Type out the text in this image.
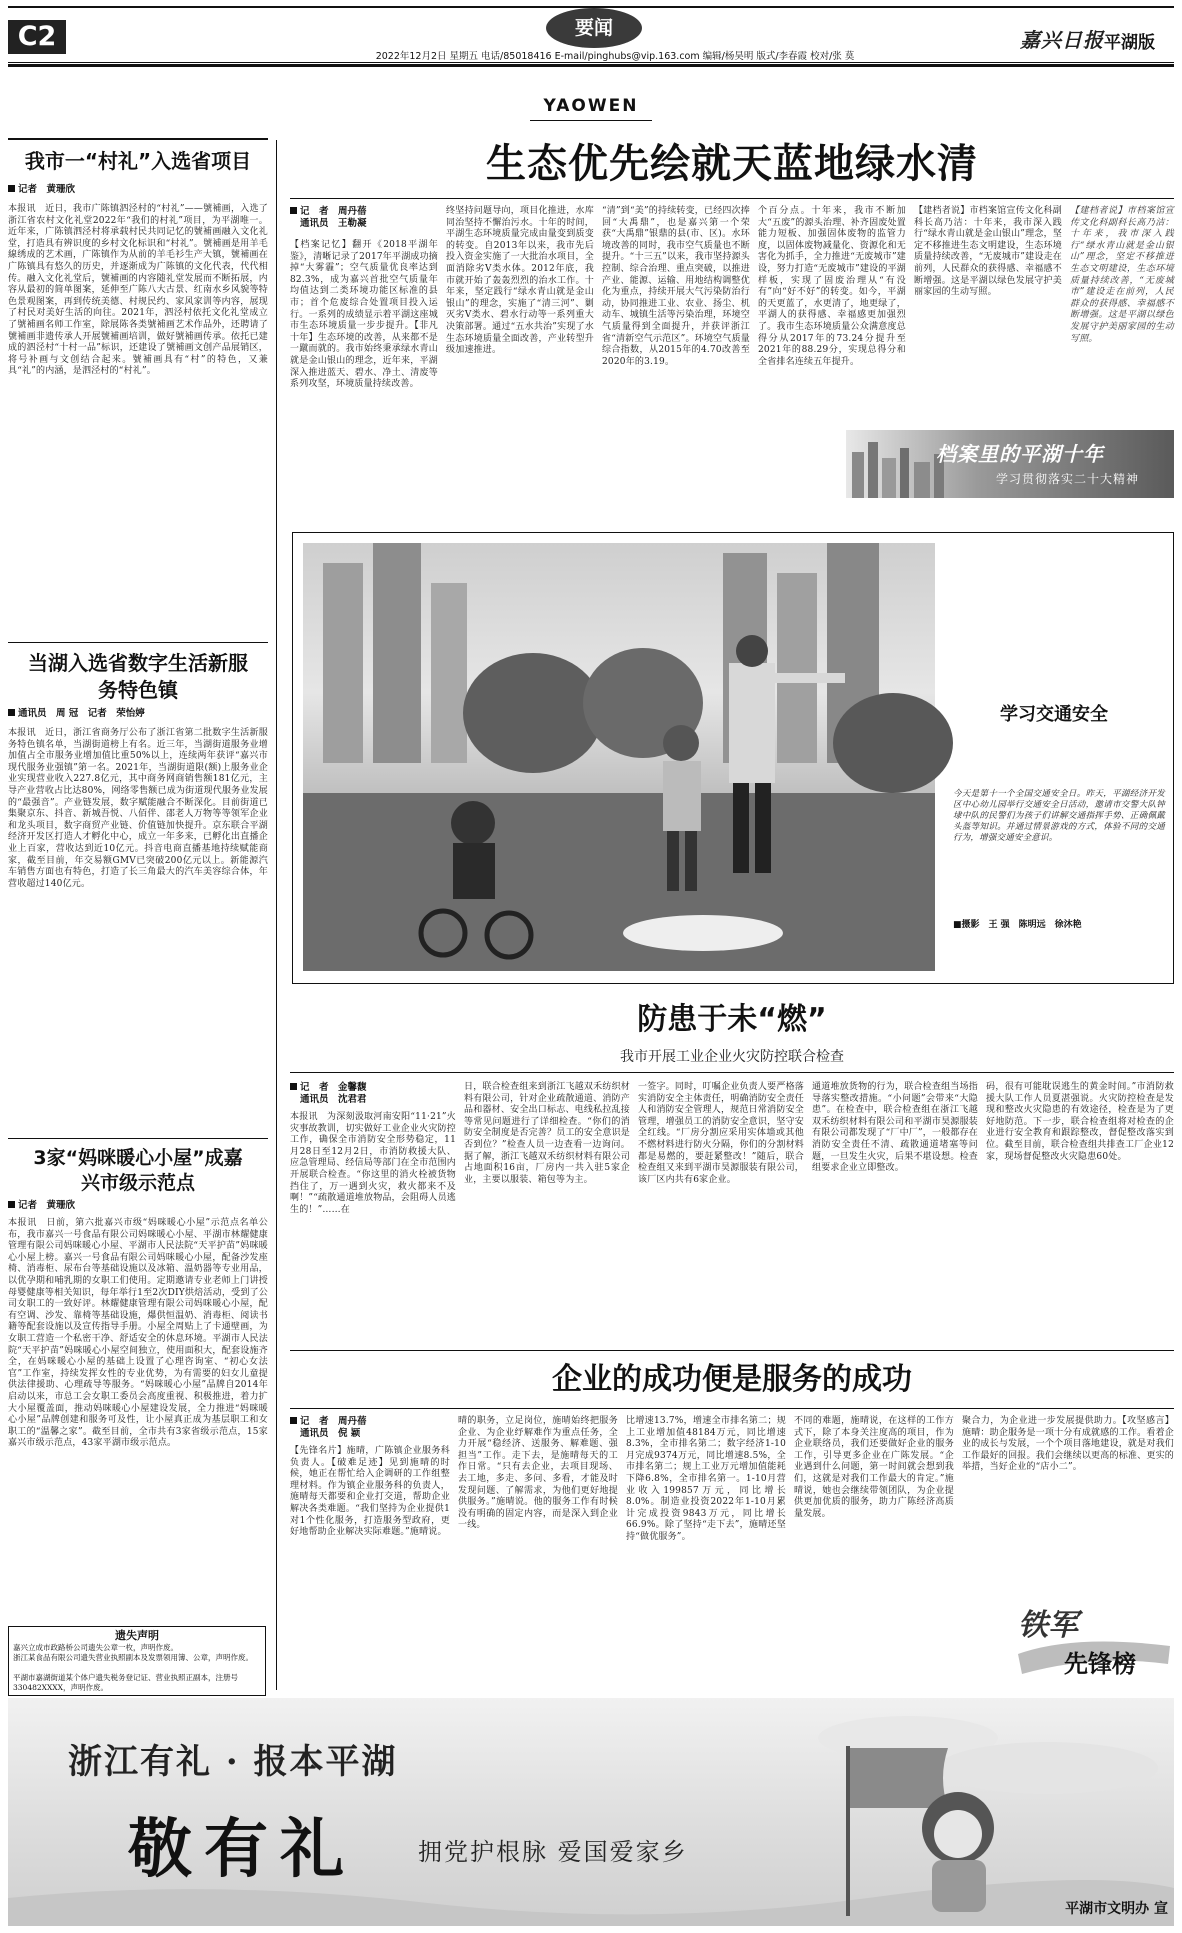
C2	要闻
2022年12月2日 星期五 电话/85018416 E-mail/pinghubs@vip.163.com 编辑/杨昊明 版式/李春霞 校对/张 莫
嘉兴日报 平湖版
YAOWEN
我市一“村礼”入选省项目
记者　黄珊欣
本报讯　近日，我市广陈镇泗泾村的“村礼”——號補画，入选了浙江省农村文化礼堂2022年“我们的村礼”项目，为平湖唯一。近年来，广陈镇泗泾村将承载村民共同记忆的號補画融入文化礼堂，打造具有辨识度的乡村文化标识和“村礼”。號補画是用羊毛線绣成的艺术画，广陈镇作为从前的羊毛衫生产大镇，號補画在广陈镇具有悠久的历史，并逐渐成为广陈镇的文化代表，代代相传。融入文化礼堂后，號補画的内容随礼堂发展而不断拓展，内容从最初的简单图案，延伸至广陈八大古景、红南水乡风貌等特色景观图案，再到传统美德、村规民约、家风家训等内容，展现了村民对美好生活的向往。2021年，泗泾村依托文化礼堂成立了號補画名师工作室，除展陈各类號補画艺术作品外，还聘请了號補画非遗传承人开展號補画培训，做好號補画传承。依托已建成的泗泾村“十村一品”标识，还建设了號補画文创产品展销区，将号补画与文创结合起来。號補画具有“村”的特色，又兼具“礼”的内涵，是泗泾村的“村礼”。
当湖入选省数字生活新服务特色镇
通讯员　周 冠　记者　荣怡婷
本报讯　近日，浙江省商务厅公布了浙江省第二批数字生活新服务特色镇名单，当湖街道榜上有名。近三年，当湖街道服务业增加值占全市服务业增加值比重50%以上，连续两年获评“嘉兴市现代服务业强镇”第一名。2021年，当湖街道限(额)上服务业企业实现营业收入227.8亿元，其中商务网商销售额181亿元，主导产业营收占比达80%，网络零售额已成为街道现代服务业发展的“最强音”。产业链发展，数字赋能融合不断深化。目前街道已集聚京东、抖音、新城吾悦、八佰伴、邵老人万物等等领军企业和龙头项目，数字商贸产业链、价值链加快提升。京东联合平湖经济开发区打造人才孵化中心，成立一年多来，已孵化出直播企业上百家，营收达到近10亿元。抖音电商直播基地持续赋能商家，截至目前，年交易额GMV已突破200亿元以上。新能源汽车销售方面也有特色，打造了长三角最大的汽车美容综合体，年营收超过140亿元。
3家“妈咪暖心小屋”成嘉兴市级示范点
记者　黄珊欣
本报讯　日前，第六批嘉兴市级“妈咪暖心小屋”示范点名单公布，我市嘉兴一号食品有限公司妈咪暖心小屋、平湖市林耀健康管理有限公司妈咪暖心小屋、平湖市人民法院“天平护苗”妈咪暖心小屋上榜。嘉兴一号食品有限公司妈咪暖心小屋，配备沙发座椅、消毒柜、尿布台等基础设施以及冰箱、温奶器等专业用品，以优孕期和哺乳期的女职工们使用。定期邀请专业老师上门讲授母婴健康等相关知识，每年举行1至2次DIY烘焙活动，受到了公司女职工的一致好评。林耀健康管理有限公司妈咪暖心小屋，配有空调、沙发、靠椅等基础设施，爆供恒温奶、消毒柜、阅读书籍等配套设施以及宣传指导手册。小屋全周贴上了卡通壁画，为女职工营造一个私密干净、舒适安全的休息环境。平湖市人民法院“天平护苗”妈咪暖心小屋空间独立，使用面积大，配套设施齐全，在妈咪暖心小屋的基础上设置了心理咨询室、“初心女法官”工作室，持续发挥女性的专业优势，为有需要的妇女儿童提供法律援助、心理疏导等服务。“妈咪暖心小屋”品牌自2014年启动以来，市总工会女职工委员会高度重视、积极推进，着力扩大小屋覆盖面，推动妈咪暖心小屋建设发展，全力推进“妈咪暖心小屋”品牌创建和服务可及性，让小屋真正成为基层职工和女职工的“温馨之家”。截至目前，全市共有3家省级示范点，15家嘉兴市级示范点，43家平湖市级示范点。
遗失声明
嘉兴立成市政路桥公司遗失公章一枚，声明作废。
浙江某食品有限公司遗失营业执照副本及发票领用簿、公章，声明作废。
平湖市嘉湖街道某个体户遗失税务登记证、营业执照正副本，注册号330482XXXX，声明作废。
生态优先绘就天蓝地绿水清
记　者　周丹蓓
通讯员　王勒凝
【档案记忆】翻开《2018平湖年鉴》，清晰记录了2017年平湖成功摘掉“大雾霾”；空气质量优良率达到82.3%，成为嘉兴首批空气质量年均值达到二类环境功能区标准的县市；首个危废综合处置项目投入运行。一系列的成绩显示着平湖这座城市生态环境质量一步步提升。【非凡十年】生态环境的改善，从来都不是一蹴而就的。我市始终秉承绿水青山就是金山银山的理念，近年来，平湖深入推进蓝天、碧水、净土、清废等系列攻坚，环境质量持续改善。
终坚持问题导向，项目化推进，水库同治坚持不懈治污水。十年的时间，平湖生态环境质量完成由量变到质变的转变。自2013年以来，我市先后投入资金实施了一大批治水项目，全面消除劣Ⅴ类水体。2012年底，我市就开始了轰轰烈烈的治水工作。十年来，坚定践行“绿水青山就是金山银山”的理念，实施了“清三河”、剿灭劣Ⅴ类水、碧水行动等一系列重大决策部署。通过“五水共治”实现了水生态环境质量全面改善，产业转型升级加速推进。
“清”到“美”的持续转变，已经四次捧回“大禹鼎”，也是嘉兴第一个荣获“大禹鼎”银鼎的县(市、区)。水环境改善的同时，我市空气质量也不断提升。“十三五”以来，我市坚持源头控制、综合治理、重点突破，以推进产业、能源、运输、用地结构调整优化为重点，持续开展大气污染防治行动，协同推进工业、农业、扬尘、机动车、城镇生活等污染治理，环境空气质量得到全面提升，并获评浙江省“清新空气示范区”。环境空气质量综合指数，从2015年的4.70改善至2020年的3.19。
个百分点。十年来，我市不断加大“五废”的源头治理、补齐固废处置能力短板、加强固体废物的监管力度，以固体废物减量化、资源化和无害化为抓手，全力推进“无废城市”建设，努力打造“无废城市”建设的平湖样板，实现了固废治理从“有没有”向“好不好”的转变。如今，平湖的天更蓝了，水更清了，地更绿了，平湖人的获得感、幸福感更加强烈了。我市生态环境质量公众满意度总得分从2017年的73.24分提升至2021年的88.29分，实现总得分和全省排名连续五年提升。
【建档者说】市档案馆宣传文化科副科长高乃洁：十年来，我市深入践行“绿水青山就是金山银山”理念，坚定不移推进生态文明建设，生态环境质量持续改善，“无废城市”建设走在前列，人民群众的获得感、幸福感不断增强。这是平湖以绿色发展守护美丽家园的生动写照。
【建档者说】市档案馆宣传文化科副科长高乃洁：十年来，我市深入践行“绿水青山就是金山银山”理念，坚定不移推进生态文明建设，生态环境质量持续改善，“无废城市”建设走在前列，人民群众的获得感、幸福感不断增强。这是平湖以绿色发展守护美丽家园的生动写照。
档案里的平湖十年
学习贯彻落实二十大精神
学习交通安全
今天是第十一个全国交通安全日。昨天，平湖经济开发区中心幼儿园举行交通安全日活动，邀请市交警大队钟埭中队的民警们为孩子们讲解交通指挥手势、正确佩戴头盔等知识。并通过情景游戏的方式，体验不同的交通行为，增强交通安全意识。
■摄影　王 强　陈明远　徐沐艳
防患于未“燃”
我市开展工业企业火灾防控联合检查
记　者　金馨馥
通讯员　沈君君
本报讯　为深刻汲取河南安阳“11·21”火灾事故教训，切实做好工业企业火灾防控工作，确保全市消防安全形势稳定，11月28日至12月2日，市消防救援大队、应急管理局、经信局等部门在全市范围内开展联合检查。“你这里的消火栓被货物挡住了，万一遇到火灾，救火都来不及啊！”“疏散通道堆放物品，会阻碍人员逃生的！”……在
日，联合检查组来到浙江飞越双禾纺织材料有限公司，针对企业疏散通道、消防产品和器材、安全出口标志、电线私拉乱接等常见问题进行了详细检查。“你们的消防安全制度是否完善？员工的安全意识是否到位？”检查人员一边查看一边询问。据了解，浙江飞越双禾纺织材料有限公司占地面积16亩，厂房内一共入驻5家企业，主要以服装、箱包等为主。
一签字。同时，叮嘱企业负责人要严格落实消防安全主体责任，明确消防安全责任人和消防安全管理人，规范日常消防安全管理，增强员工的消防安全意识，坚守安全红线。“厂房分割应采用实体墙或其他不燃材料进行防火分隔，你们的分割材料都是易燃的，要赶紧整改！”随后，联合检查组又来到平湖市昊源服装有限公司，该厂区内共有6家企业。
通道堆放货物的行为，联合检查组当场指导落实整改措施。“小问题”会带来“大隐患”。在检查中，联合检查组在浙江飞越双禾纺织材料有限公司和平湖市昊源服装有限公司都发现了“厂中厂”，一般都存在消防安全责任不清、疏散通道堵塞等问题，一旦发生火灾，后果不堪设想。检查组要求企业立即整改。
码，很有可能耽误逃生的黄金时间。”市消防救援大队工作人员夏湛强说。火灾防控检查是发现和整改火灾隐患的有效途径，检查是为了更好地防范。下一步，联合检查组将对检查的企业进行安全教育和跟踪整改，督促整改落实到位。截至目前，联合检查组共排查工厂企业12家，现场督促整改火灾隐患60处。
企业的成功便是服务的成功
记　者　周丹蓓
通讯员　倪 颖
【先锋名片】施晴，广陈镇企业服务科负责人。【破难足迹】见到施晴的时候，她正在帮忙给入企调研的工作组整理材料。作为镇企业服务科的负责人，施晴每天都要和企业打交道，帮助企业解决各类难题。“我们坚持为企业提供1对1个性化服务，打造服务型政府，更好地帮助企业解决实际难题。”施晴说。
晴的职务，立足岗位，施晴始终把服务企业、为企业纾解难作为重点任务，全力开展“稳经济、送服务、解难题、强担当”工作。走下去，是施晴每天的工作日常。“只有去企业，去项目现场、去工地，多走、多问、多看，才能及时发现问题、了解需求，为他们更好地提供服务。”施晴说。他的服务工作有时候没有明确的固定内容，而是深入到企业一线。
比增速13.7%，增速全市排名第二；规上工业增加值48184万元，同比增速8.3%，全市排名第二；数字经济1-10月完成9374万元，同比增速8.5%，全市排名第二；规上工业万元增加值能耗下降6.8%，全市排名第一。1-10月营业收入199857万元，同比增长8.0%。制造业投资2022年1-10月累计完成投资9843万元，同比增长66.9%。除了坚持“走下去”，施晴还坚持“做优服务”。
不同的难题，施晴说，在这样的工作方式下，除了本身关注度高的项目，作为企业联络员，我们还要做好企业的服务工作，引导更多企业在广陈发展。“企业遇到什么问题，第一时间就会想到我们，这就是对我们工作最大的肯定。”施晴说，她也会继续带领团队，为企业提供更加优质的服务，助力广陈经济高质量发展。
聚合力，为企业进一步发展提供助力。【攻坚感言】施晴：助企服务是一项十分有成就感的工作。看着企业的成长与发展，一个个项目落地建设，就是对我们工作最好的回报。我们会继续以更高的标准、更实的举措，当好企业的“店小二”。
铁军
先锋榜
浙江有礼 · 报本平湖
敬有礼	拥党护根脉 爱国爱家乡
平湖市文明办 宣
